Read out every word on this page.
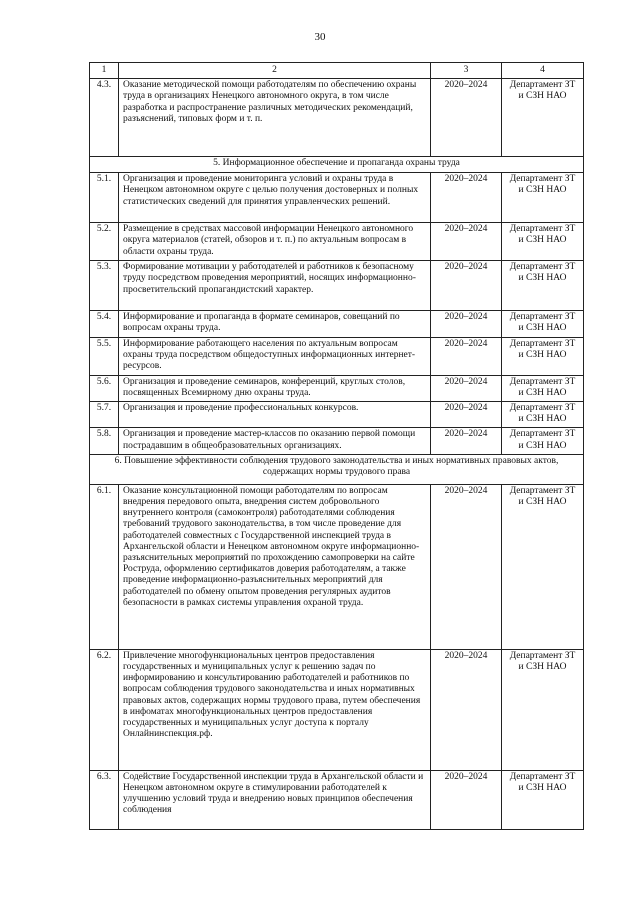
30
1	2	3	4
4.3.	Оказание методической помощи работодателям по обеспечению охраны труда в организациях Ненецкого автономного округа, в том числе разработка и распространение различных методических рекомендаций, разъяснений, типовых форм и т. п.	2020–2024	Департамент ЗТ и СЗН НАО
5. Информационное обеспечение и пропаганда охраны труда			
5.1.	Организация и проведение мониторинга условий и охраны труда в Ненецком автономном округе с целью получения достоверных и полных статистических сведений для принятия управленческих решений.	2020–2024	Департамент ЗТ и СЗН НАО
5.2.	Размещение в средствах массовой информации Ненецкого автономного округа материалов (статей, обзоров и т. п.) по актуальным вопросам в области охраны труда.	2020–2024	Департамент ЗТ и СЗН НАО
5.3.	Формирование мотивации у работодателей и работников к безопасному труду посредством проведения мероприятий, носящих информационно-просветительский пропагандистский характер.	2020–2024	Департамент ЗТ и СЗН НАО
5.4.	Информирование и пропаганда в формате семинаров, совещаний по вопросам охраны труда.	2020–2024	Департамент ЗТ и СЗН НАО
5.5.	Информирование работающего населения по актуальным вопросам охраны труда посредством общедоступных информационных интернет-ресурсов.	2020–2024	Департамент ЗТ и СЗН НАО
5.6.	Организация и проведение семинаров, конференций, круглых столов, посвященных Всемирному дню охраны труда.	2020–2024	Департамент ЗТ и СЗН НАО
5.7.	Организация и проведение профессиональных конкурсов.	2020–2024	Департамент ЗТ и СЗН НАО
5.8.	Организация и проведение мастер-классов по оказанию первой помощи пострадавшим в общеобразовательных организациях.	2020–2024	Департамент ЗТ и СЗН НАО
6. Повышение эффективности соблюдения трудового законодательства и иных нормативных правовых актов, содержащих нормы трудового права			
6.1.	Оказание консультационной помощи работодателям по вопросам внедрения передового опыта, внедрения систем добровольного внутреннего контроля (самоконтроля) работодателями соблюдения требований трудового законодательства, в том числе проведение для работодателей совместных с Государственной инспекцией труда в Архангельской области и Ненецком автономном округе информационно-разъяснительных мероприятий по прохождению самопроверки на сайте Роструда, оформлению сертификатов доверия работодателям, а также проведение информационно-разъяснительных мероприятий для работодателей по обмену опытом проведения регулярных аудитов безопасности в рамках системы управления охраной труда.	2020–2024	Департамент ЗТ и СЗН НАО
6.2.	Привлечение многофункциональных центров предоставления государственных и муниципальных услуг к решению задач по информированию и консультированию работодателей и работников по вопросам соблюдения трудового законодательства и иных нормативных правовых актов, содержащих нормы трудового права, путем обеспечения в инфоматах многофункциональных центров предоставления государственных и муниципальных услуг доступа к порталу Онлайнинспекция.рф.	2020–2024	Департамент ЗТ и СЗН НАО
6.3.	Содействие Государственной инспекции труда в Архангельской области и Ненецком автономном округе в стимулировании работодателей к улучшению условий труда и внедрению новых принципов обеспечения соблюдения	2020–2024	Департамент ЗТ и СЗН НАО
